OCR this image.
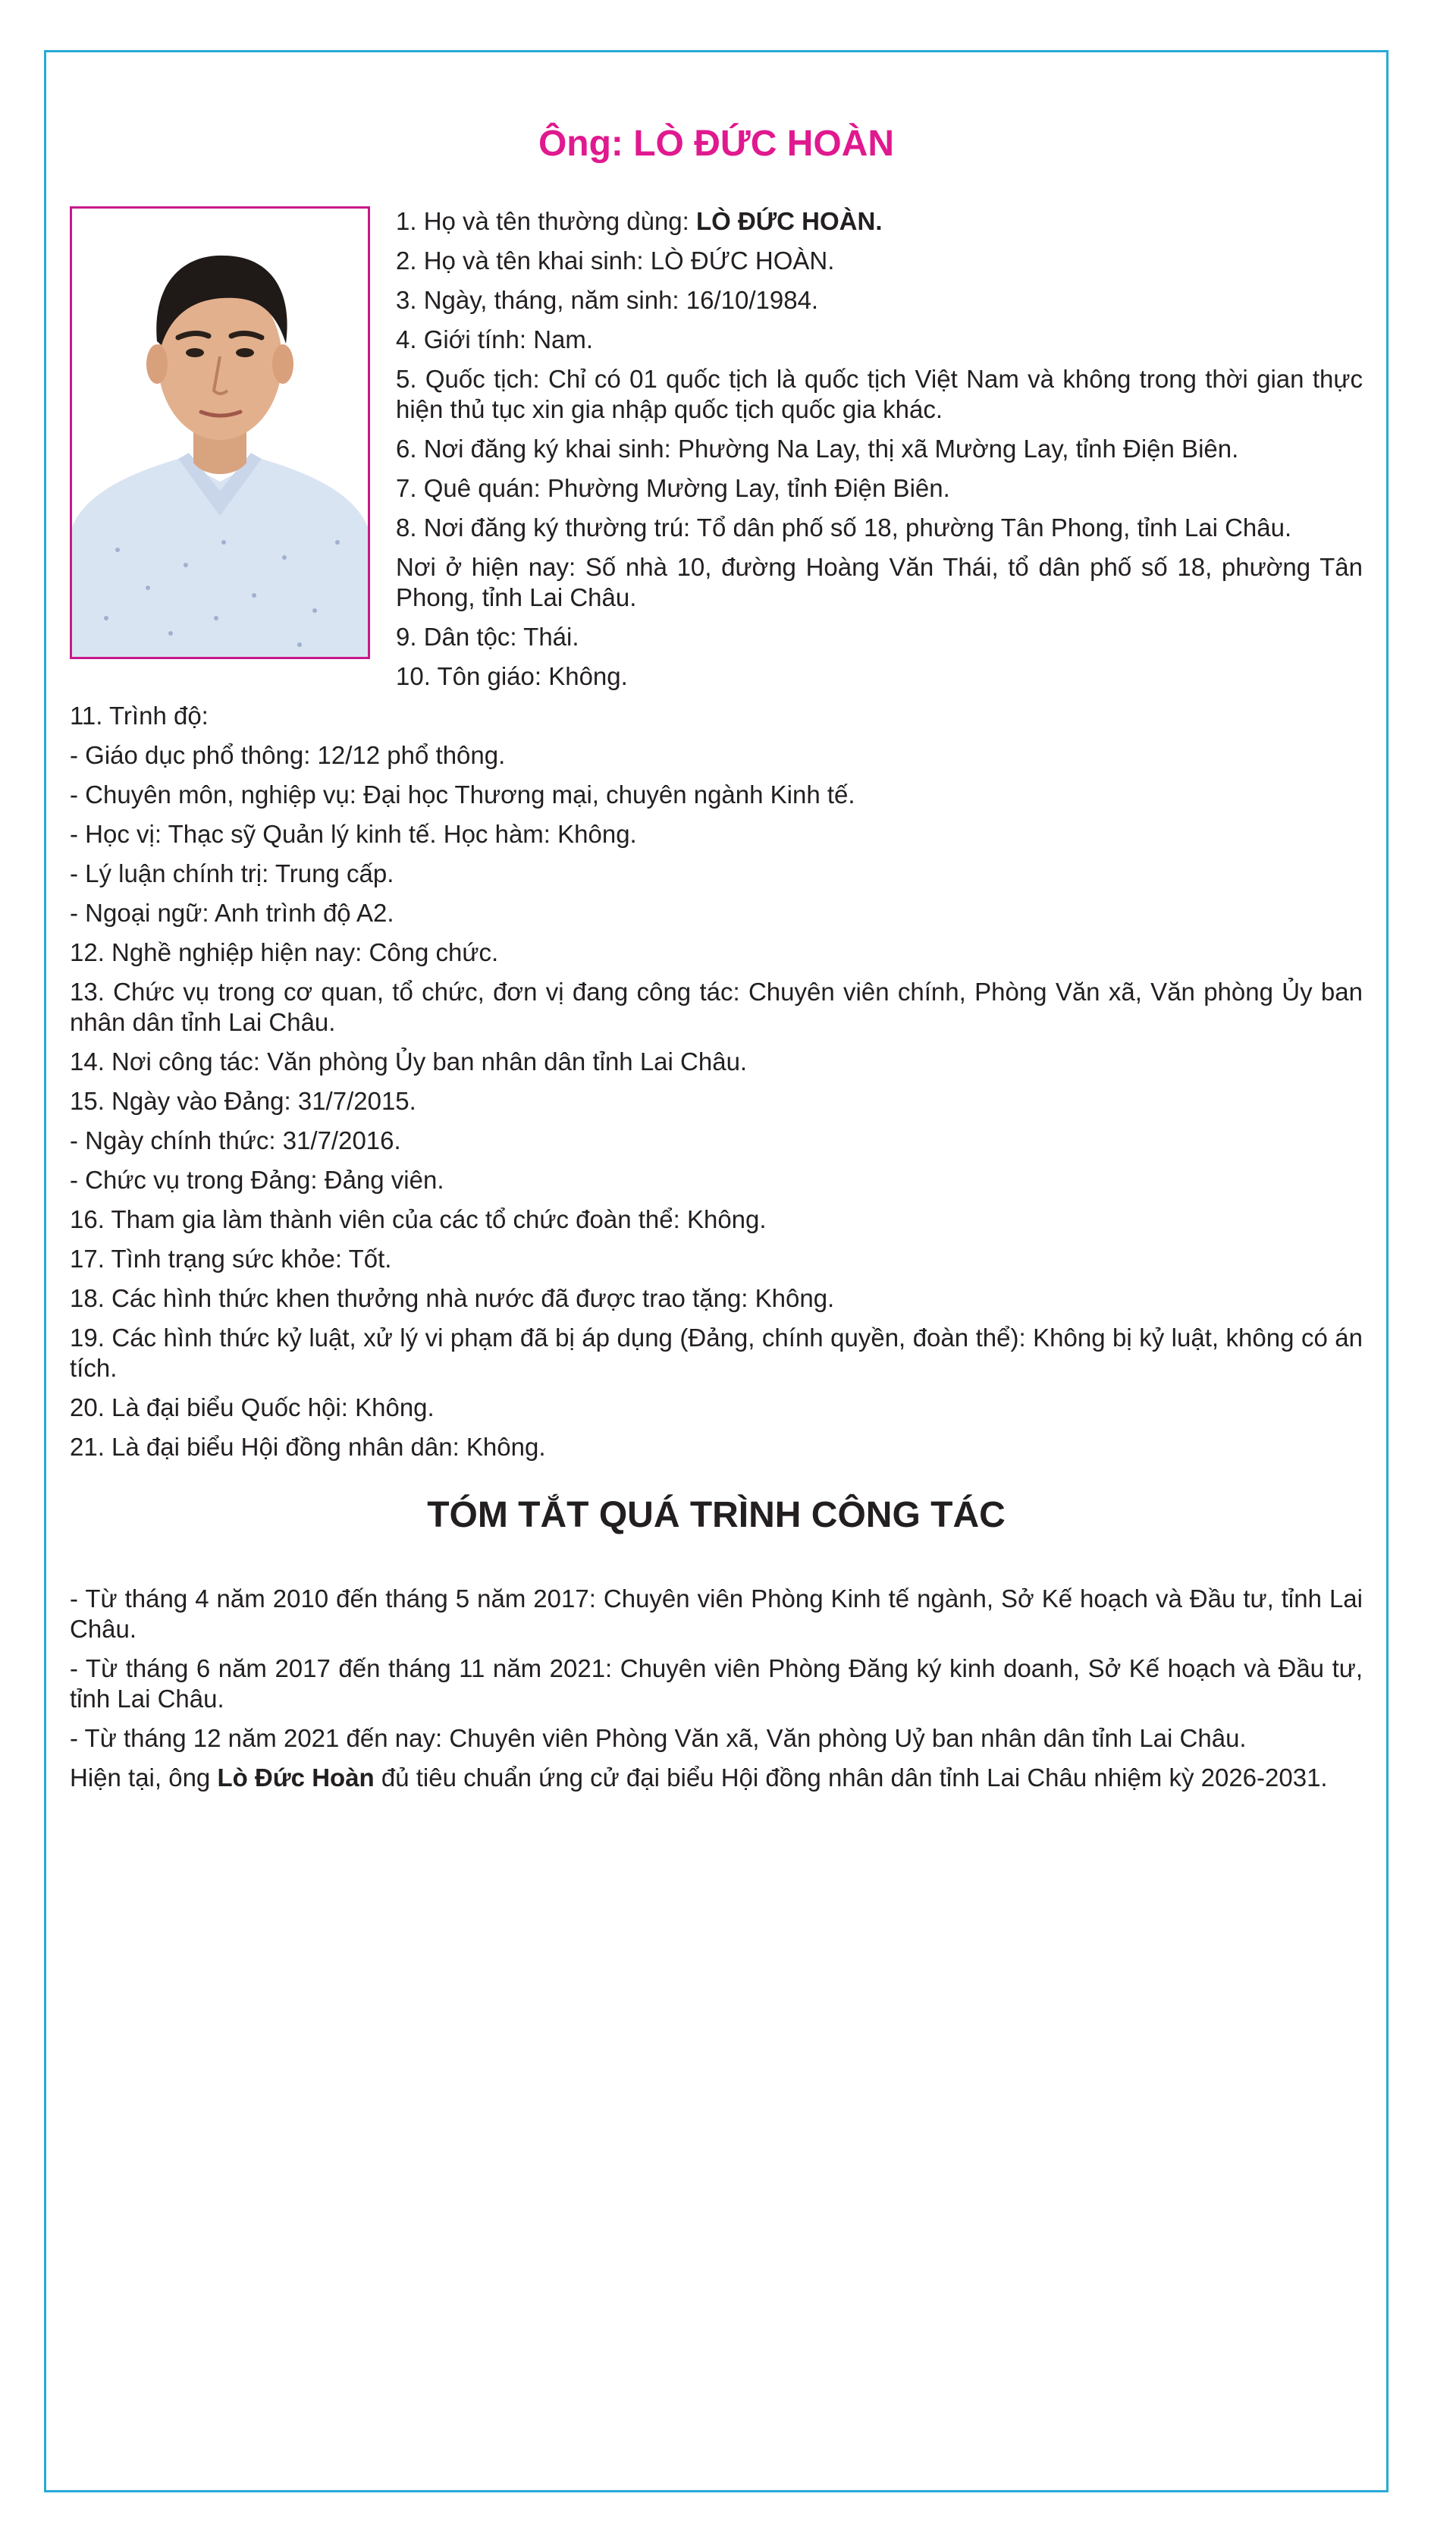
Ông: LÒ ĐỨC HOÀN
1. Họ và tên thường dùng: LÒ ĐỨC HOÀN.
2. Họ và tên khai sinh: LÒ ĐỨC HOÀN.
3. Ngày, tháng, năm sinh: 16/10/1984.
4. Giới tính: Nam.
5. Quốc tịch: Chỉ có 01 quốc tịch là quốc tịch Việt Nam và không trong thời gian thực hiện thủ tục xin gia nhập quốc tịch quốc gia khác.
6. Nơi đăng ký khai sinh: Phường Na Lay, thị xã Mường Lay, tỉnh Điện Biên.
7. Quê quán: Phường Mường Lay, tỉnh Điện Biên.
8. Nơi đăng ký thường trú: Tổ dân phố số 18, phường Tân Phong, tỉnh Lai Châu.
Nơi ở hiện nay: Số nhà 10, đường Hoàng Văn Thái, tổ dân phố số 18, phường Tân Phong, tỉnh Lai Châu.
9. Dân tộc: Thái.
10. Tôn giáo: Không.
11. Trình độ:
- Giáo dục phổ thông: 12/12 phổ thông.
- Chuyên môn, nghiệp vụ: Đại học Thương mại, chuyên ngành Kinh tế.
- Học vị: Thạc sỹ Quản lý kinh tế. Học hàm: Không.
- Lý luận chính trị: Trung cấp.
- Ngoại ngữ: Anh trình độ A2.
12. Nghề nghiệp hiện nay: Công chức.
13. Chức vụ trong cơ quan, tổ chức, đơn vị đang công tác: Chuyên viên chính, Phòng Văn xã, Văn phòng Ủy ban nhân dân tỉnh Lai Châu.
14. Nơi công tác: Văn phòng Ủy ban nhân dân tỉnh Lai Châu.
15. Ngày vào Đảng: 31/7/2015.
- Ngày chính thức: 31/7/2016.
- Chức vụ trong Đảng: Đảng viên.
16. Tham gia làm thành viên của các tổ chức đoàn thể: Không.
17. Tình trạng sức khỏe: Tốt.
18. Các hình thức khen thưởng nhà nước đã được trao tặng: Không.
19. Các hình thức kỷ luật, xử lý vi phạm đã bị áp dụng (Đảng, chính quyền, đoàn thể): Không bị kỷ luật, không có án tích.
20. Là đại biểu Quốc hội: Không.
21. Là đại biểu Hội đồng nhân dân: Không.
TÓM TẮT QUÁ TRÌNH CÔNG TÁC
- Từ tháng 4 năm 2010 đến tháng 5 năm 2017: Chuyên viên Phòng Kinh tế ngành, Sở Kế hoạch và Đầu tư, tỉnh Lai Châu.
- Từ tháng 6 năm 2017 đến tháng 11 năm 2021: Chuyên viên Phòng Đăng ký kinh doanh, Sở Kế hoạch và Đầu tư, tỉnh Lai Châu.
- Từ tháng 12 năm 2021 đến nay: Chuyên viên Phòng Văn xã, Văn phòng Uỷ ban nhân dân tỉnh Lai Châu.
Hiện tại, ông Lò Đức Hoàn đủ tiêu chuẩn ứng cử đại biểu Hội đồng nhân dân tỉnh Lai Châu nhiệm kỳ 2026-2031.
